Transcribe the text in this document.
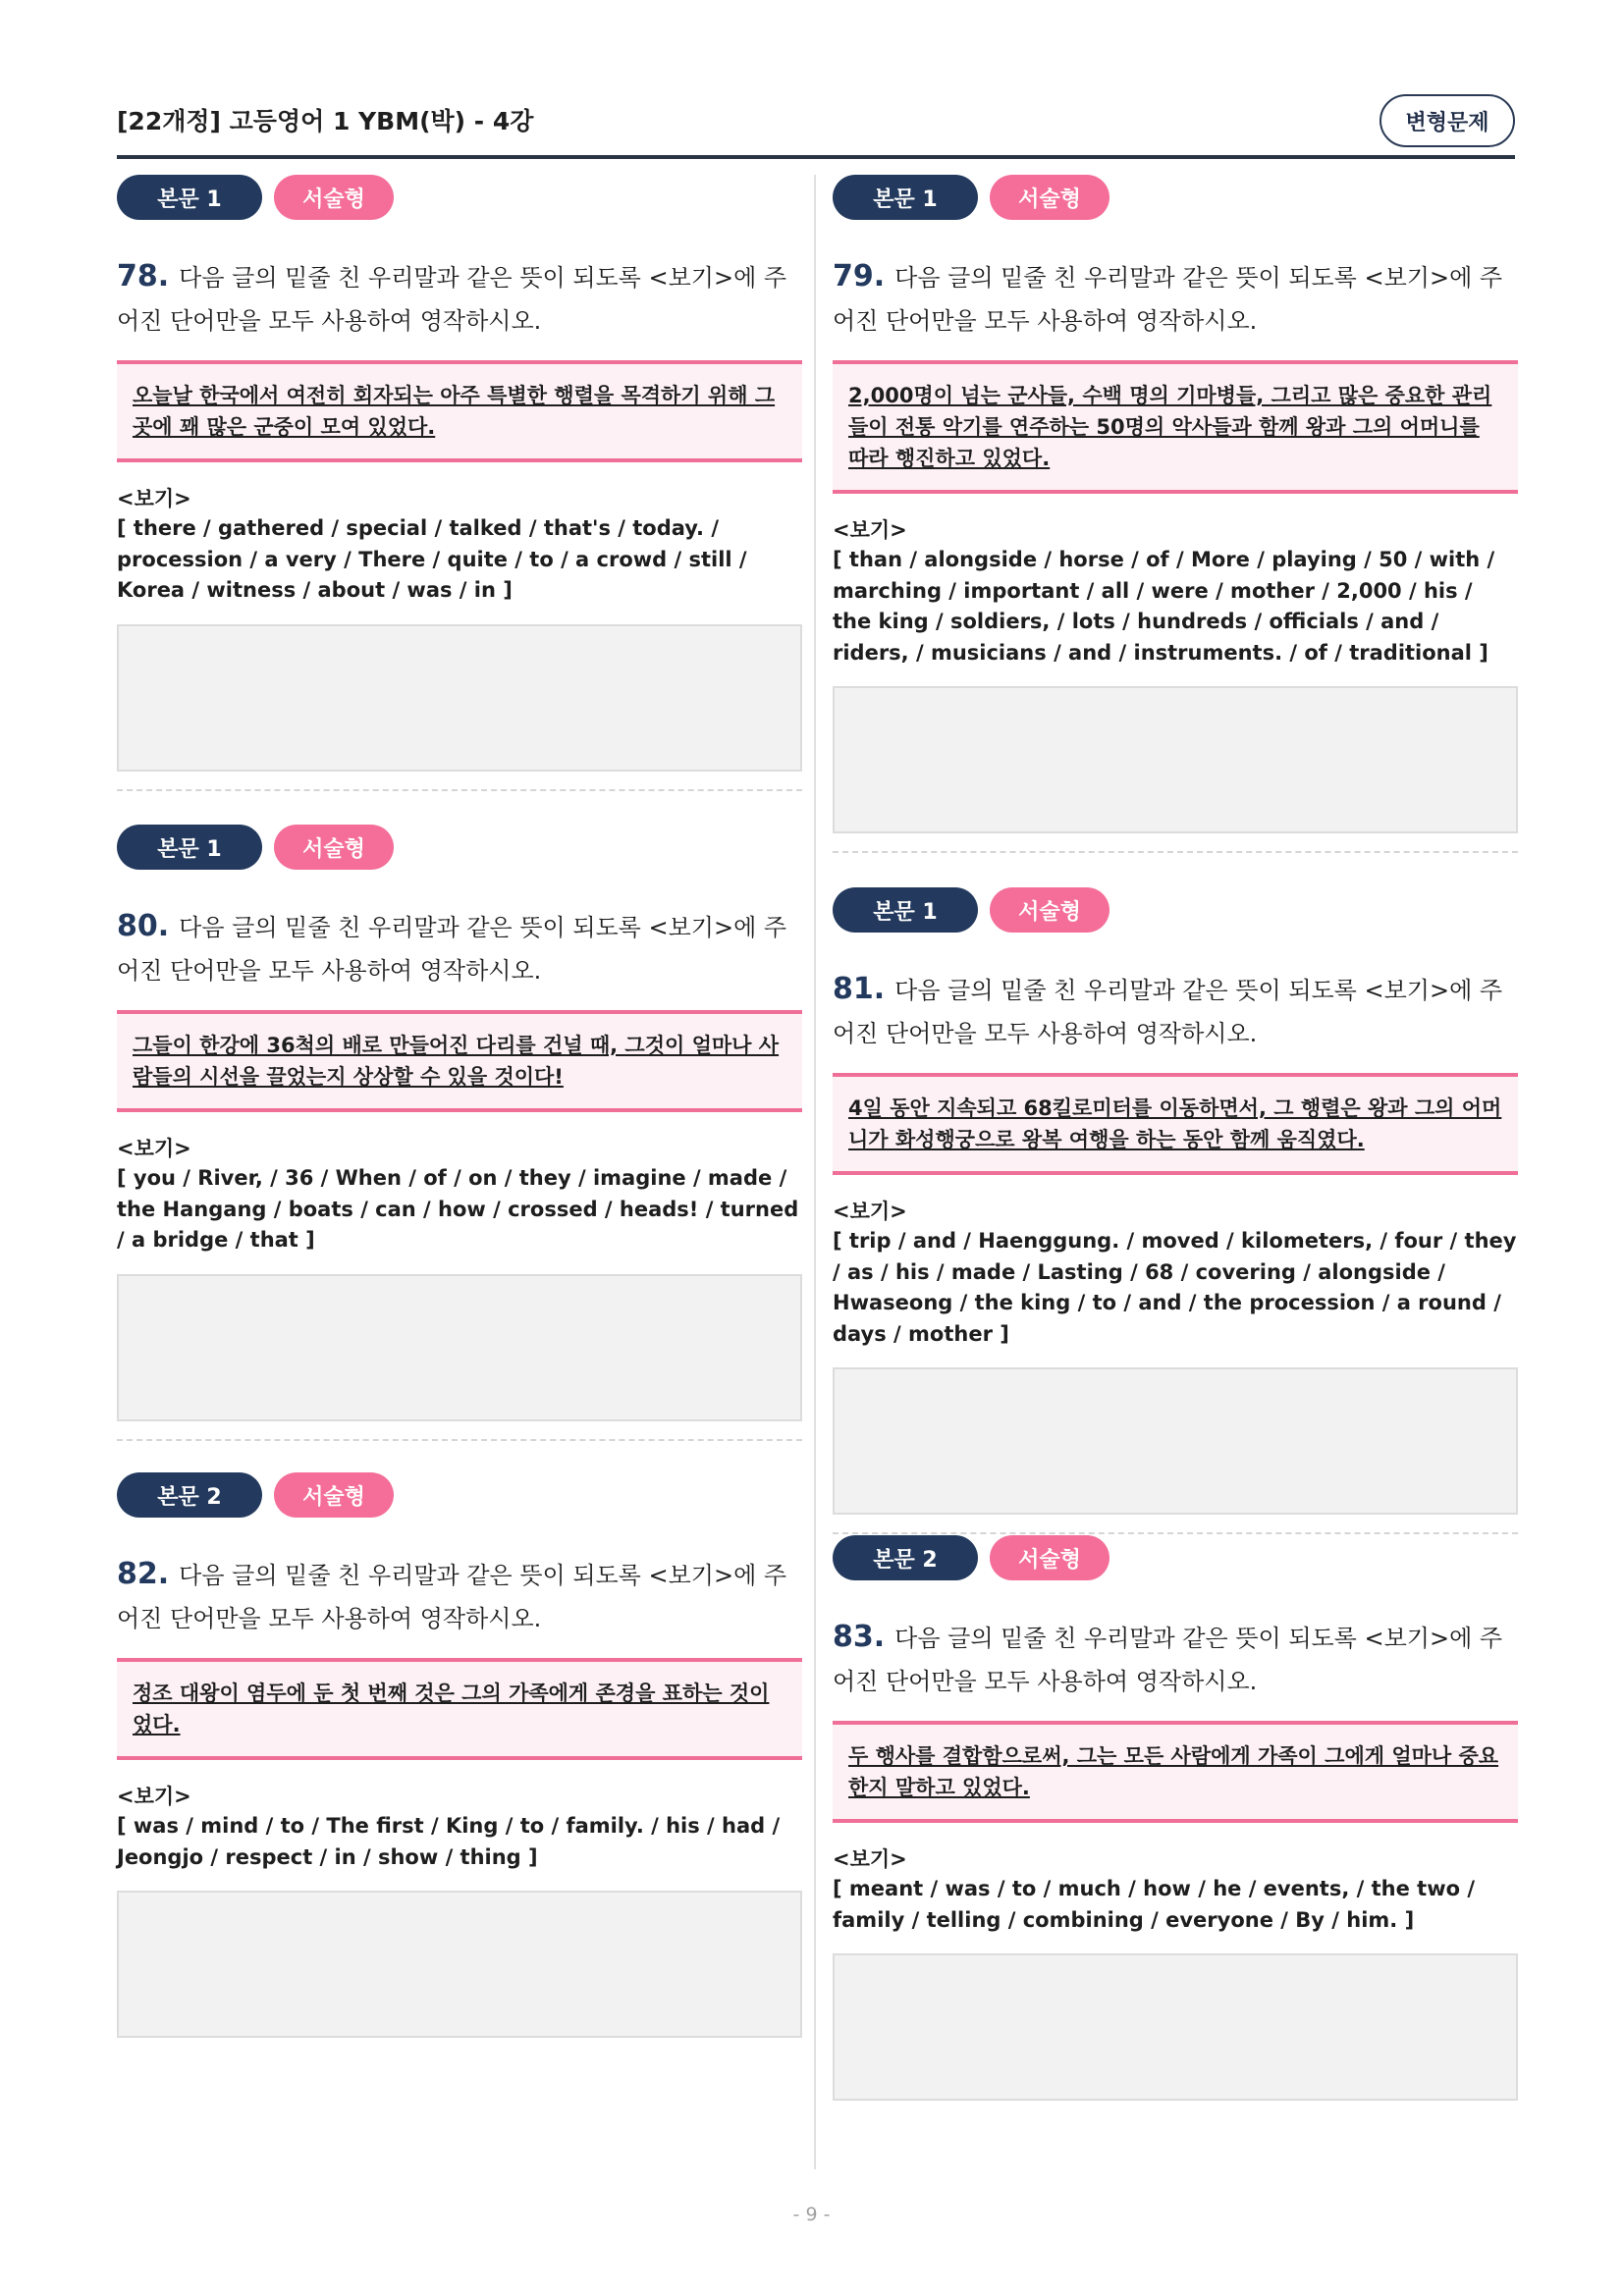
[22개정] 고등영어 1 YBM(박) - 4강	변형문제
본문 1	서술형
78. 다음 글의 밑줄 친 우리말과 같은 뜻이 되도록 <보기>에 주어진 단어만을 모두 사용하여 영작하시오.
오늘날 한국에서 여전히 회자되는 아주 특별한 행렬을 목격하기 위해 그 곳에 꽤 많은 군중이 모여 있었다.
<보기>
[ there / gathered / special / talked / that's / today. / procession / a very / There / quite / to / a crowd / still / Korea / witness / about / was / in ]
본문 1	서술형
80. 다음 글의 밑줄 친 우리말과 같은 뜻이 되도록 <보기>에 주어진 단어만을 모두 사용하여 영작하시오.
그들이 한강에 36척의 배로 만들어진 다리를 건널 때, 그것이 얼마나 사람들의 시선을 끌었는지 상상할 수 있을 것이다!
<보기>
[ you / River, / 36 / When / of / on / they / imagine / made / the Hangang / boats / can / how / crossed / heads! / turned / a bridge / that ]
본문 2	서술형
82. 다음 글의 밑줄 친 우리말과 같은 뜻이 되도록 <보기>에 주어진 단어만을 모두 사용하여 영작하시오.
정조 대왕이 염두에 둔 첫 번째 것은 그의 가족에게 존경을 표하는 것이었다.
<보기>
[ was / mind / to / The first / King / to / family. / his / had / Jeongjo / respect / in / show / thing ]
본문 1	서술형
79. 다음 글의 밑줄 친 우리말과 같은 뜻이 되도록 <보기>에 주어진 단어만을 모두 사용하여 영작하시오.
2,000명이 넘는 군사들, 수백 명의 기마병들, 그리고 많은 중요한 관리들이 전통 악기를 연주하는 50명의 악사들과 함께 왕과 그의 어머니를 따라 행진하고 있었다.
<보기>
[ than / alongside / horse / of / More / playing / 50 / with / marching / important / all / were / mother / 2,000 / his / the king / soldiers, / lots / hundreds / officials / and / riders, / musicians / and / instruments. / of / traditional ]
본문 1	서술형
81. 다음 글의 밑줄 친 우리말과 같은 뜻이 되도록 <보기>에 주어진 단어만을 모두 사용하여 영작하시오.
4일 동안 지속되고 68킬로미터를 이동하면서, 그 행렬은 왕과 그의 어머니가 화성행궁으로 왕복 여행을 하는 동안 함께 움직였다.
<보기>
[ trip / and / Haenggung. / moved / kilometers, / four / they / as / his / made / Lasting / 68 / covering / alongside / Hwaseong / the king / to / and / the procession / a round / days / mother ]
본문 2	서술형
83. 다음 글의 밑줄 친 우리말과 같은 뜻이 되도록 <보기>에 주어진 단어만을 모두 사용하여 영작하시오.
두 행사를 결합함으로써, 그는 모든 사람에게 가족이 그에게 얼마나 중요한지 말하고 있었다.
<보기>
[ meant / was / to / much / how / he / events, / the two / family / telling / combining / everyone / By / him. ]
- 9 -
